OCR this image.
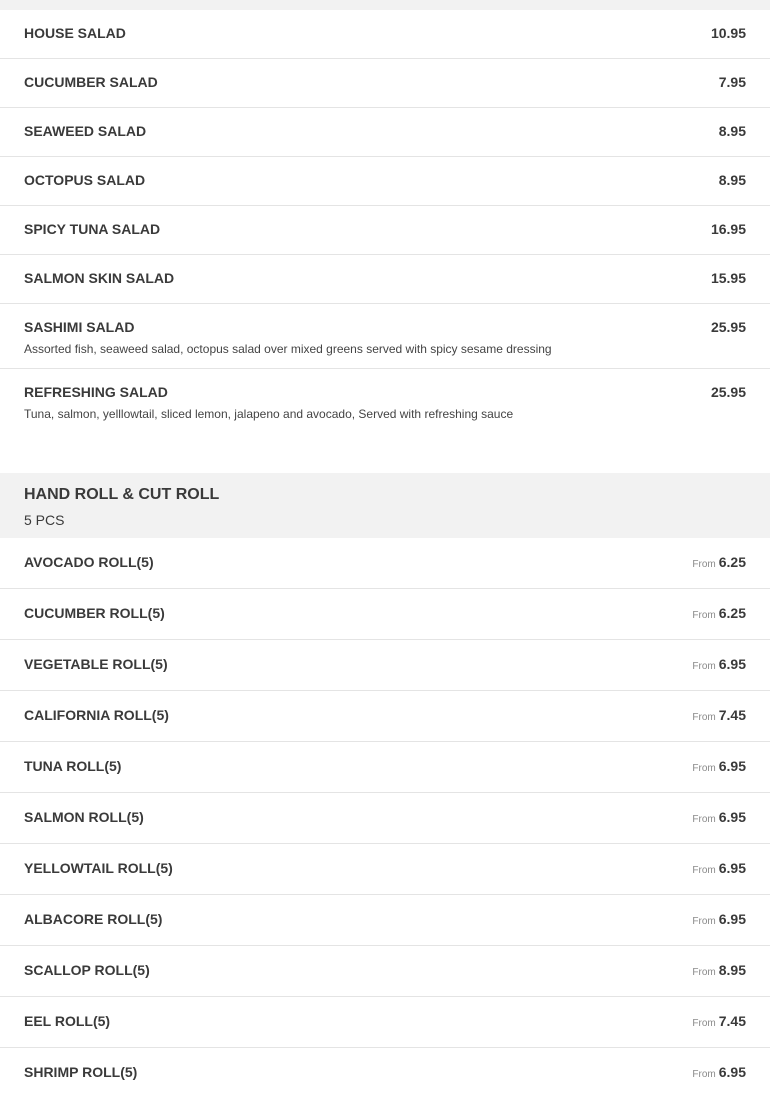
HOUSE SALAD	10.95
CUCUMBER SALAD	7.95
SEAWEED SALAD	8.95
OCTOPUS SALAD	8.95
SPICY TUNA SALAD	16.95
SALMON SKIN SALAD	15.95
SASHIMI SALAD	25.95
Assorted fish, seaweed salad, octopus salad over mixed greens served with spicy sesame dressing
REFRESHING SALAD	25.95
Tuna, salmon, yelllowtail, sliced lemon, jalapeno and avocado, Served with refreshing sauce
HAND ROLL & CUT ROLL
5 PCS
AVOCADO ROLL(5)	From 6.25
CUCUMBER ROLL(5)	From 6.25
VEGETABLE ROLL(5)	From 6.95
CALIFORNIA ROLL(5)	From 7.45
TUNA ROLL(5)	From 6.95
SALMON ROLL(5)	From 6.95
YELLOWTAIL ROLL(5)	From 6.95
ALBACORE ROLL(5)	From 6.95
SCALLOP ROLL(5)	From 8.95
EEL ROLL(5)	From 7.45
SHRIMP ROLL(5)	From 6.95
